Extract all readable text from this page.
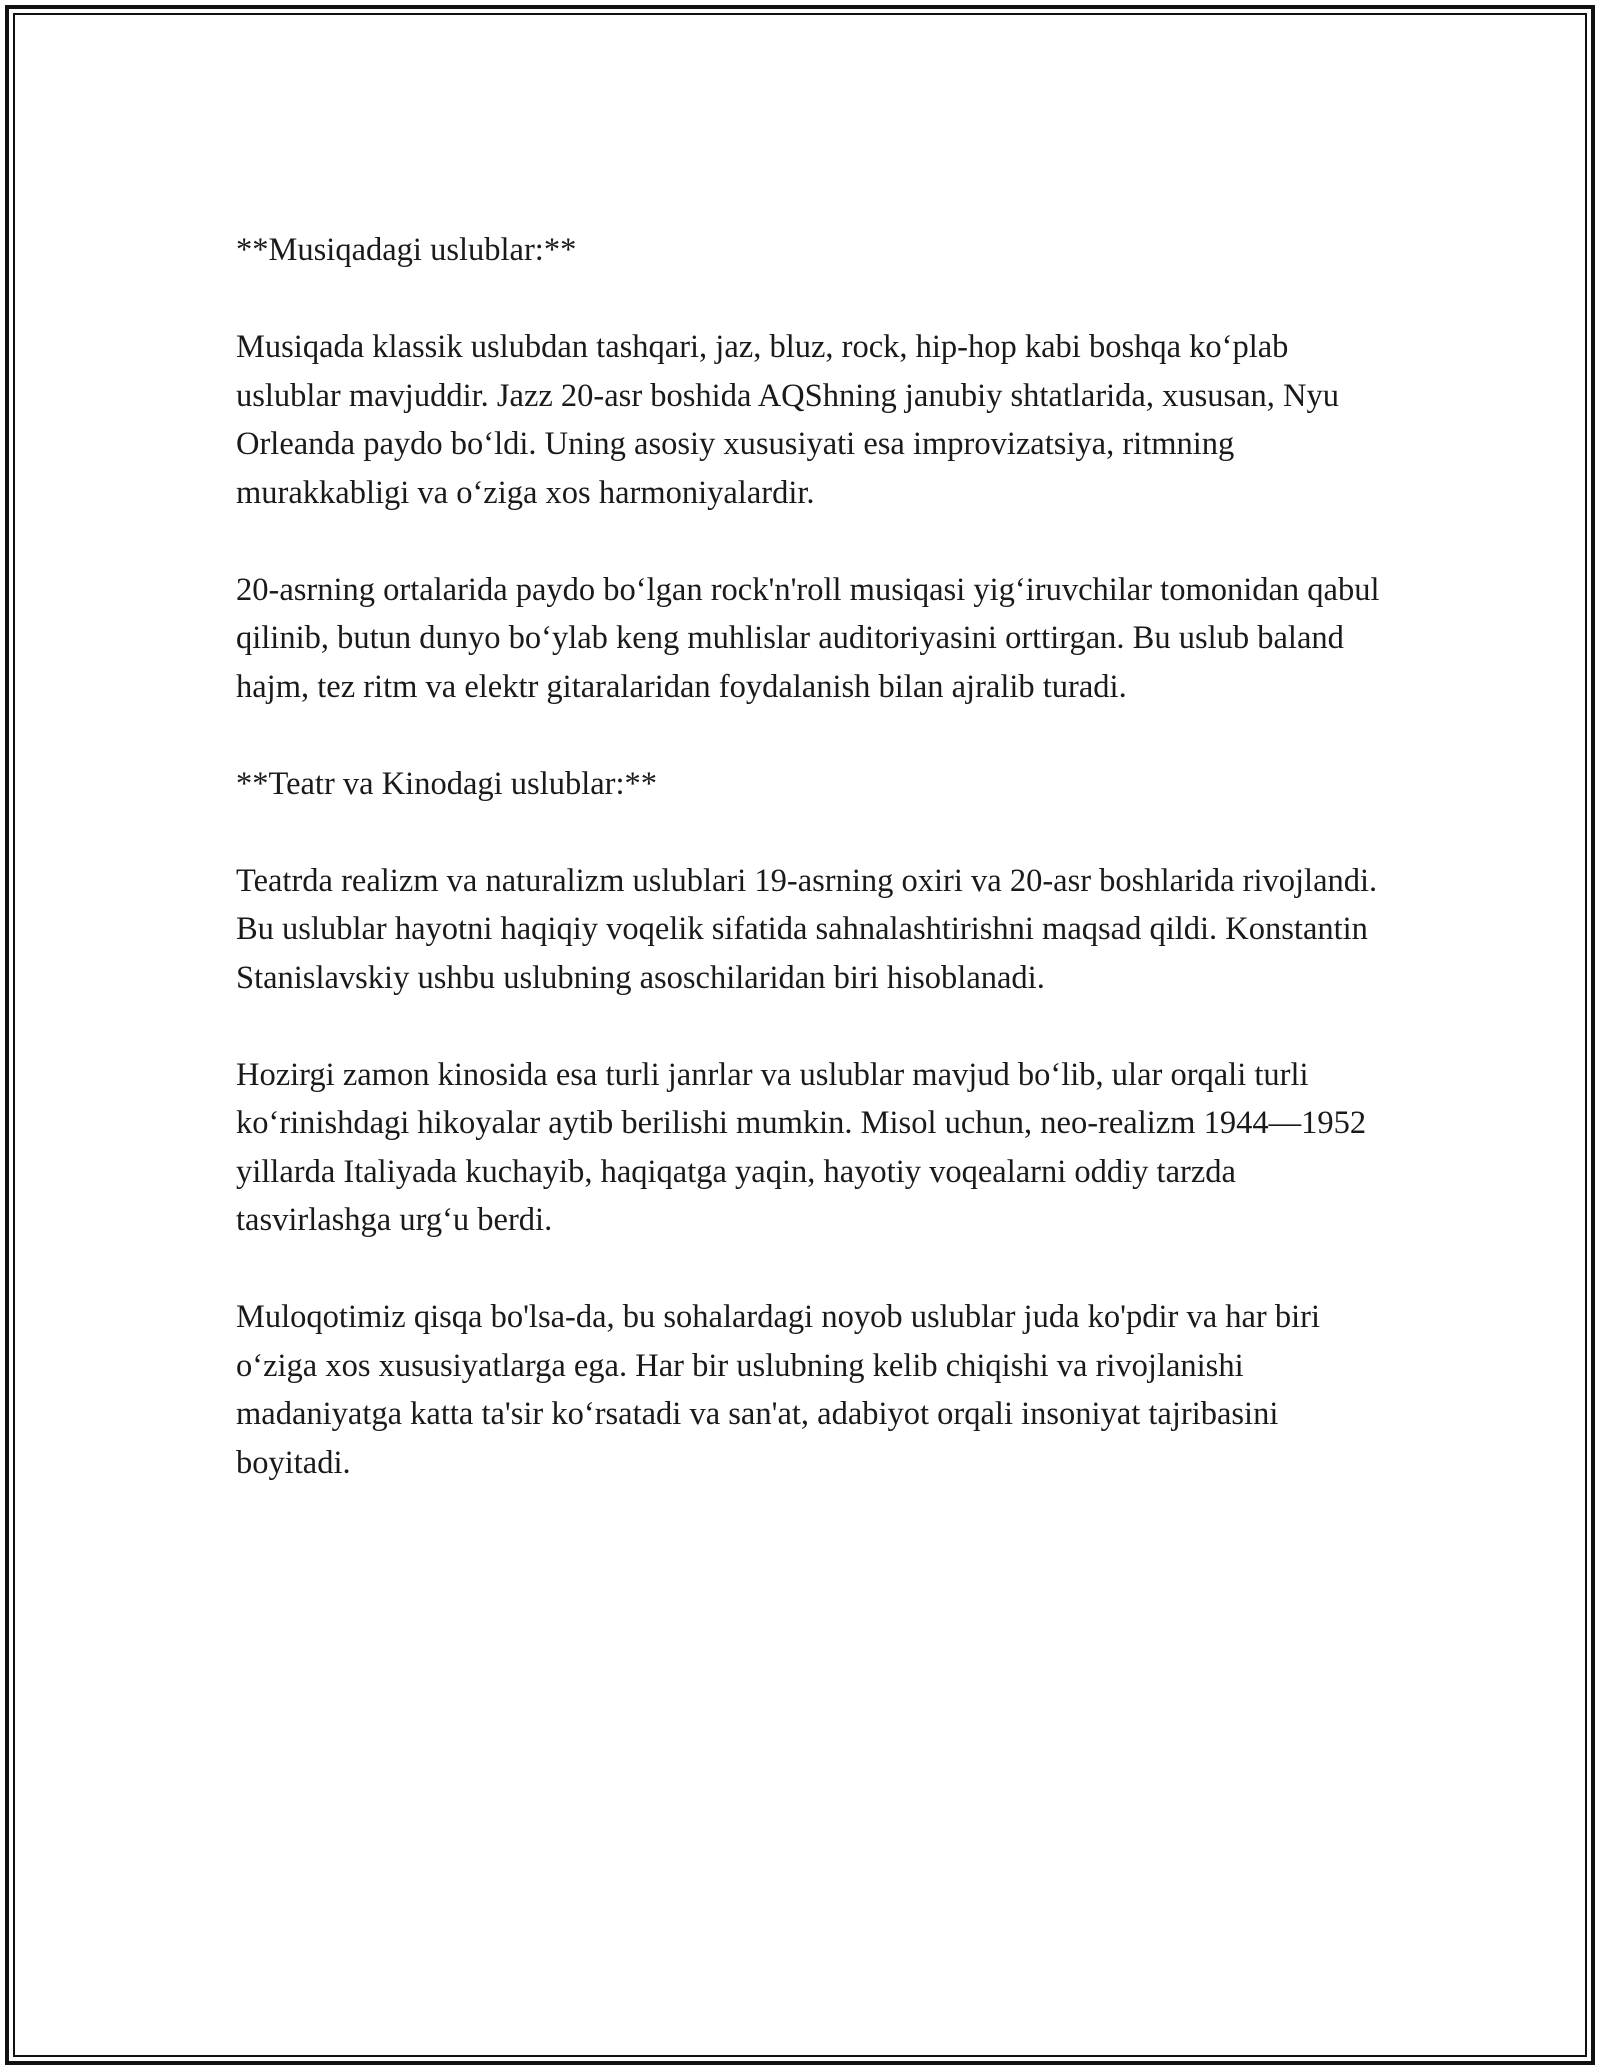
**Musiqadagi uslublar:**

Musiqada klassik uslubdan tashqari, jaz, bluz, rock, hip-hop kabi boshqa ko‘plab uslublar mavjuddir. Jazz 20-asr boshida AQShning janubiy shtatlarida, xususan, Nyu Orleanda paydo bo‘ldi. Uning asosiy xususiyati esa improvizatsiya, ritmning murakkabligi va o‘ziga xos harmoniyalardir.

20-asrning ortalarida paydo bo‘lgan rock'n'roll musiqasi yig‘iruvchilar tomonidan qabul qilinib, butun dunyo bo‘ylab keng muhlislar auditoriyasini orttirgan. Bu uslub baland hajm, tez ritm va elektr gitaralaridan foydalanish bilan ajralib turadi.

**Teatr va Kinodagi uslublar:**

Teatrda realizm va naturalizm uslublari 19-asrning oxiri va 20-asr boshlarida rivojlandi. Bu uslublar hayotni haqiqiy voqelik sifatida sahnalashtirishni maqsad qildi. Konstantin Stanislavskiy ushbu uslubning asoschilaridan biri hisoblanadi.

Hozirgi zamon kinosida esa turli janrlar va uslublar mavjud bo‘lib, ular orqali turli ko‘rinishdagi hikoyalar aytib berilishi mumkin. Misol uchun, neo-realizm 1944—1952 yillarda Italiyada kuchayib, haqiqatga yaqin, hayotiy voqealarni oddiy tarzda tasvirlashga urg‘u berdi.

Muloqotimiz qisqa bo'lsa-da, bu sohalardagi noyob uslublar juda ko'pdir va har biri o‘ziga xos xususiyatlarga ega. Har bir uslubning kelib chiqishi va rivojlanishi madaniyatga katta ta'sir ko‘rsatadi va san'at, adabiyot orqali insoniyat tajribasini boyitadi.
